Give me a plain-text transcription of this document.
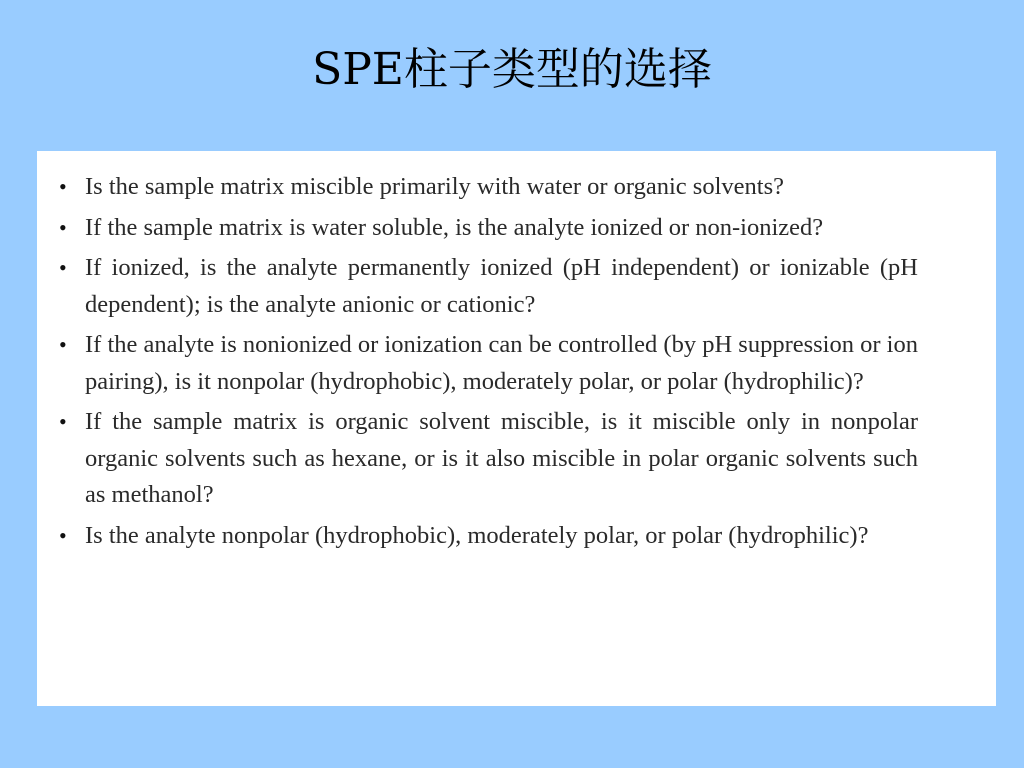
SPE柱子类型的选择
• Is the sample matrix miscible primarily with water or organic solvents?
• If the sample matrix is water soluble, is the analyte ionized or non-ionized?
• If ionized, is the analyte permanently ionized (pH independent) or ionizable (pH dependent); is the analyte anionic or cationic?
• If the analyte is nonionized or ionization can be controlled (by pH suppression or ion pairing), is it nonpolar (hydrophobic), moderately polar, or polar (hydrophilic)?
• If the sample matrix is organic solvent miscible, is it miscible only in nonpolar organic solvents such as hexane, or is it also miscible in polar organic solvents such as methanol?
• Is the analyte nonpolar (hydrophobic), moderately polar, or polar (hydrophilic)?
